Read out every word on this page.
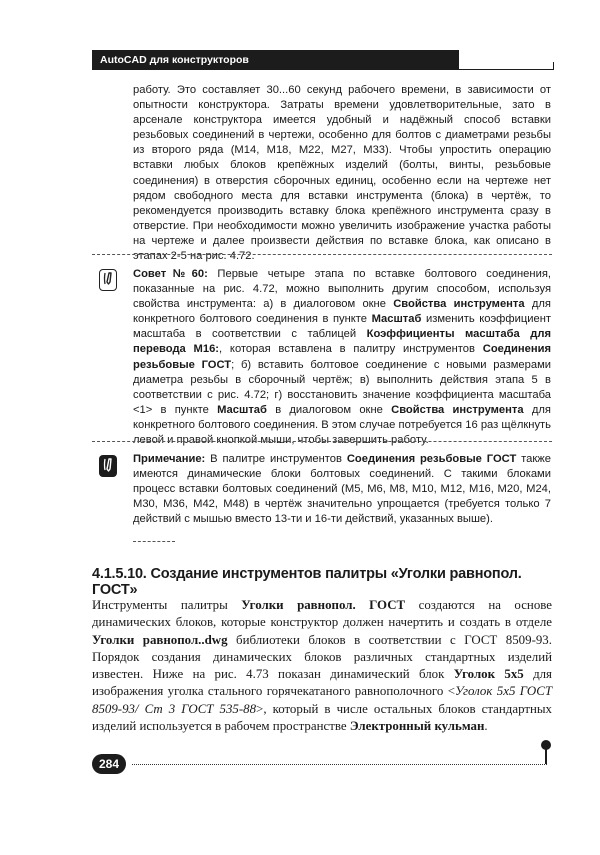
AutoCAD для конструкторов
работу. Это составляет 30...60 секунд рабочего времени, в зависимости от опытности конструктора. Затраты времени удовлетворительные, зато в арсенале конструктора имеется удобный и надёжный способ вставки резьбовых соединений в чертежи, особенно для болтов с диаметрами резьбы из второго ряда (М14, М18, М22, М27, М33). Чтобы упростить операцию вставки любых блоков крепёжных изделий (болты, винты, резьбовые соединения) в отверстия сборочных единиц, особенно если на чертеже нет рядом свободного места для вставки инструмента (блока) в чертёж, то рекомендуется производить вставку блока крепёжного инструмента сразу в отверстие. При необходимости можно увеличить изображение участка работы на чертеже и далее произвести действия по вставке блока, как описано в этапах 2-5 на рис. 4.72.
Совет№60: Первые четыре этапа по вставке болтового соединения, показанные на рис. 4.72, можно выполнить другим способом, используя свойства инструмента: а) в диалоговом окне Свойства инструмента для конкретного болтового соединения в пункте Масштаб изменить коэффициент масштаба в соответствии с таблицей Коэффициенты масштаба для перевода М16:, которая вставлена в палитру инструментов Соединения резьбовые ГОСТ; б) вставить болтовое соединение с новыми размерами диаметра резьбы в сборочный чертёж; в) выполнить действия этапа 5 в соответствии с рис. 4.72; г) восстановить значение коэффициента масштаба <1> в пункте Масштаб в диалоговом окне Свойства инструмента для конкретного болтового соединения. В этом случае потребуется 16 раз щёлкнуть левой и правой кнопкой мыши, чтобы завершить работу.
Примечание: В палитре инструментов Соединения резьбовые ГОСТ также имеются динамические блоки болтовых соединений. С такими блоками процесс вставки болтовых соединений (М5, М6, М8, М10, М12, М16, М20, М24, М30, М36, М42, М48) в чертёж значительно упрощается (требуется только 7 действий с мышью вместо 13-ти и 16-ти действий, указанных выше).
4.1.5.10. Создание инструментов палитры «Уголки равнопол. ГОСТ»
Инструменты палитры Уголки равнопол. ГОСТ создаются на основе динамических блоков, которые конструктор должен начертить и создать в отделе Уголки равнопол..dwg библиотеки блоков в соответствии с ГОСТ 8509-93. Порядок создания динамических блоков различных стандартных изделий известен. Ниже на рис. 4.73 показан динамический блок Уголок 5х5 для изображения уголка стального горячекатаного равнополочного <Уголок 5х5 ГОСТ 8509-93/ Ст 3 ГОСТ 535-88>, который в числе остальных блоков стандартных изделий используется в рабочем пространстве Электронный кульман.
284
